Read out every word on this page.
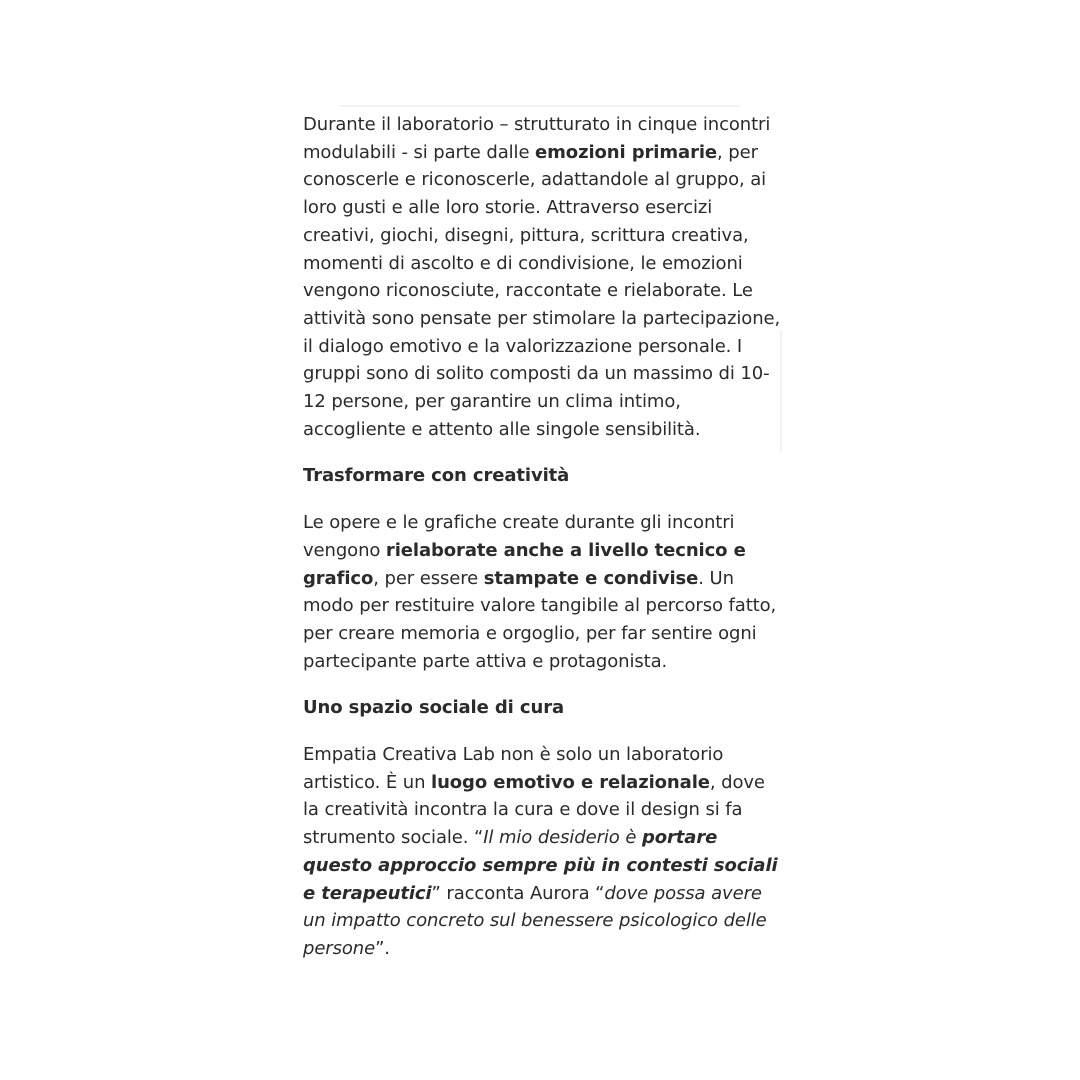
Durante il laboratorio – strutturato in cinque incontri modulabili - si parte dalle emozioni primarie, per conoscerle e riconoscerle, adattandole al gruppo, ai loro gusti e alle loro storie. Attraverso esercizi creativi, giochi, disegni, pittura, scrittura creativa, momenti di ascolto e di condivisione, le emozioni vengono riconosciute, raccontate e rielaborate. Le attività sono pensate per stimolare la partecipazione, il dialogo emotivo e la valorizzazione personale. I gruppi sono di solito composti da un massimo di 10-12 persone, per garantire un clima intimo, accogliente e attento alle singole sensibilità.

Trasformare con creatività

Le opere e le grafiche create durante gli incontri vengono rielaborate anche a livello tecnico e grafico, per essere stampate e condivise. Un modo per restituire valore tangibile al percorso fatto, per creare memoria e orgoglio, per far sentire ogni partecipante parte attiva e protagonista.

Uno spazio sociale di cura

Empatia Creativa Lab non è solo un laboratorio artistico. È un luogo emotivo e relazionale, dove la creatività incontra la cura e dove il design si fa strumento sociale. “Il mio desiderio è portare questo approccio sempre più in contesti sociali e terapeutici” racconta Aurora “dove possa avere un impatto concreto sul benessere psicologico delle persone”.
